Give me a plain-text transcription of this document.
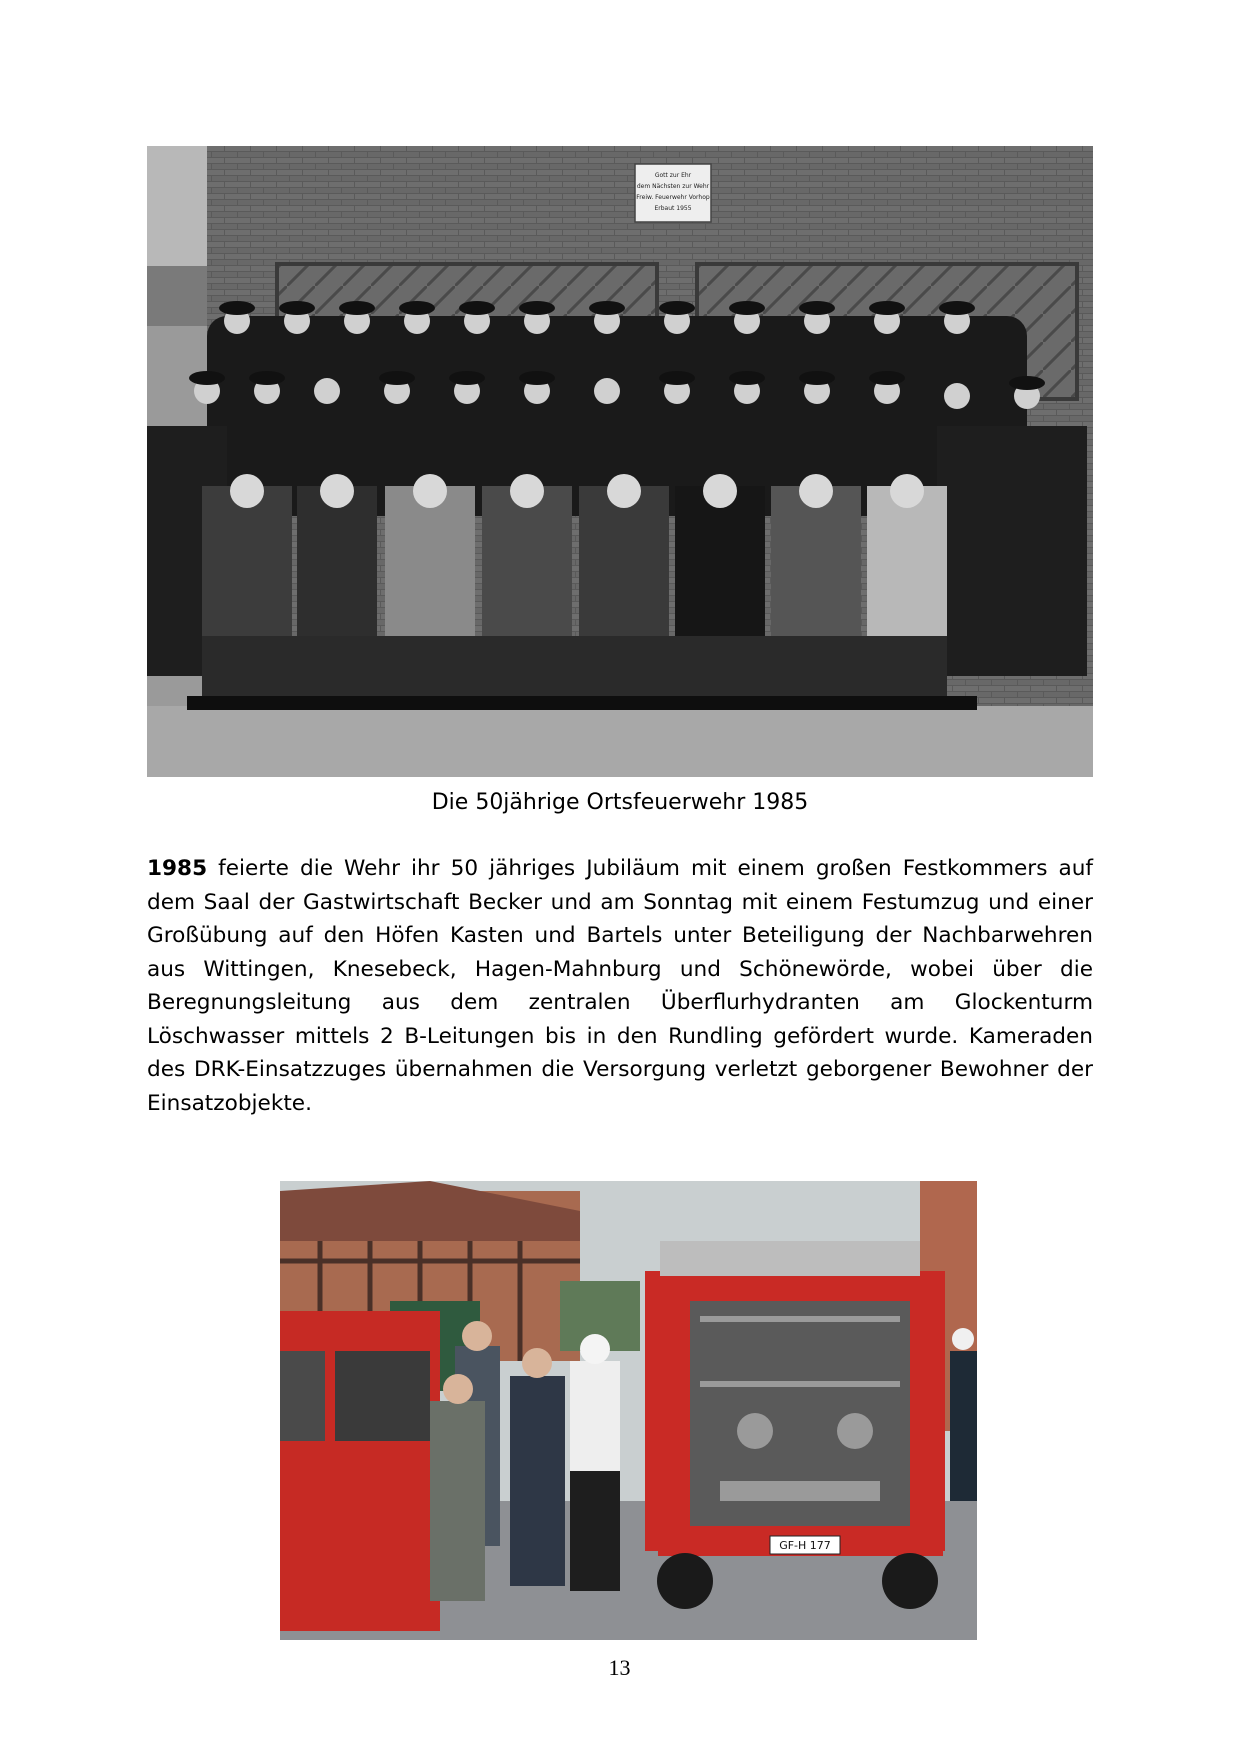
Gott zur Ehr
dem Nächsten zur Wehr
Freiw. Feuerwehr Vorhop
Erbaut 1955
Die 50jährige Ortsfeuerwehr 1985
1985 feierte die Wehr ihr 50 jähriges Jubiläum mit einem großen Festkommers auf dem Saal der Gastwirtschaft Becker und am Sonntag mit einem Festumzug und einer Großübung auf den Höfen Kasten und Bartels unter Beteiligung der Nachbarwehren aus Wittingen, Knesebeck, Hagen-Mahnburg und Schönewörde, wobei über die Beregnungsleitung aus dem zentralen Überflurhydranten am Glockenturm Löschwasser mittels 2 B-Leitungen bis in den Rundling gefördert wurde. Kameraden des DRK-Einsatzzuges übernahmen die Versorgung verletzt geborgener Bewohner der Einsatzobjekte.
GF-H 177
13
